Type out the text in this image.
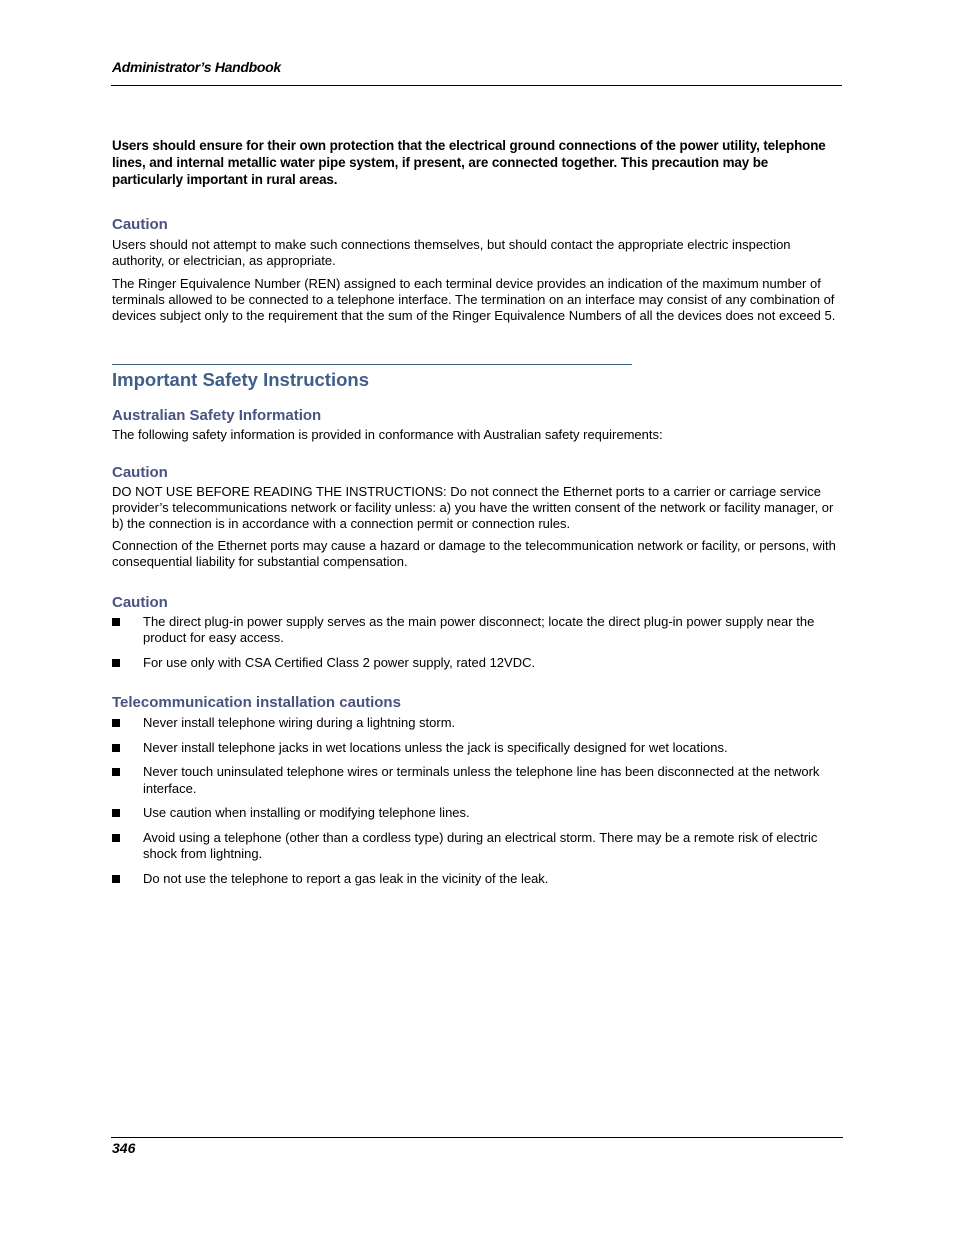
Administrator’s Handbook

Users should ensure for their own protection that the electrical ground connections of the power utility, telephone lines, and internal metallic water pipe system, if present, are connected together. This precaution may be particularly important in rural areas.

Caution

Users should not attempt to make such connections themselves, but should contact the appropriate electric inspection authority, or electrician, as appropriate.

The Ringer Equivalence Number (REN) assigned to each terminal device provides an indication of the maximum number of terminals allowed to be connected to a telephone interface. The termination on an interface may consist of any combination of devices subject only to the requirement that the sum of the Ringer Equivalence Numbers of all the devices does not exceed 5.

Important Safety Instructions
Australian Safety Information

The following safety information is provided in conformance with Australian safety requirements:

Caution

DO NOT USE BEFORE READING THE INSTRUCTIONS: Do not connect the Ethernet ports to a carrier or carriage service provider’s telecommunications network or facility unless: a) you have the written consent of the network or facility manager, or b) the connection is in accordance with a connection permit or connection rules.

Connection of the Ethernet ports may cause a hazard or damage to the telecommunication network or facility, or persons, with consequential liability for substantial compensation.

Caution
The direct plug-in power supply serves as the main power disconnect; locate the direct plug-in power supply near the product for easy access.
For use only with CSA Certified Class 2 power supply, rated 12VDC.
Telecommunication installation cautions
Never install telephone wiring during a lightning storm.
Never install telephone jacks in wet locations unless the jack is specifically designed for wet locations.
Never touch uninsulated telephone wires or terminals unless the telephone line has been disconnected at the network interface.
Use caution when installing or modifying telephone lines.
Avoid using a telephone (other than a cordless type) during an electrical storm. There may be a remote risk of electric shock from lightning.
Do not use the telephone to report a gas leak in the vicinity of the leak.
346
